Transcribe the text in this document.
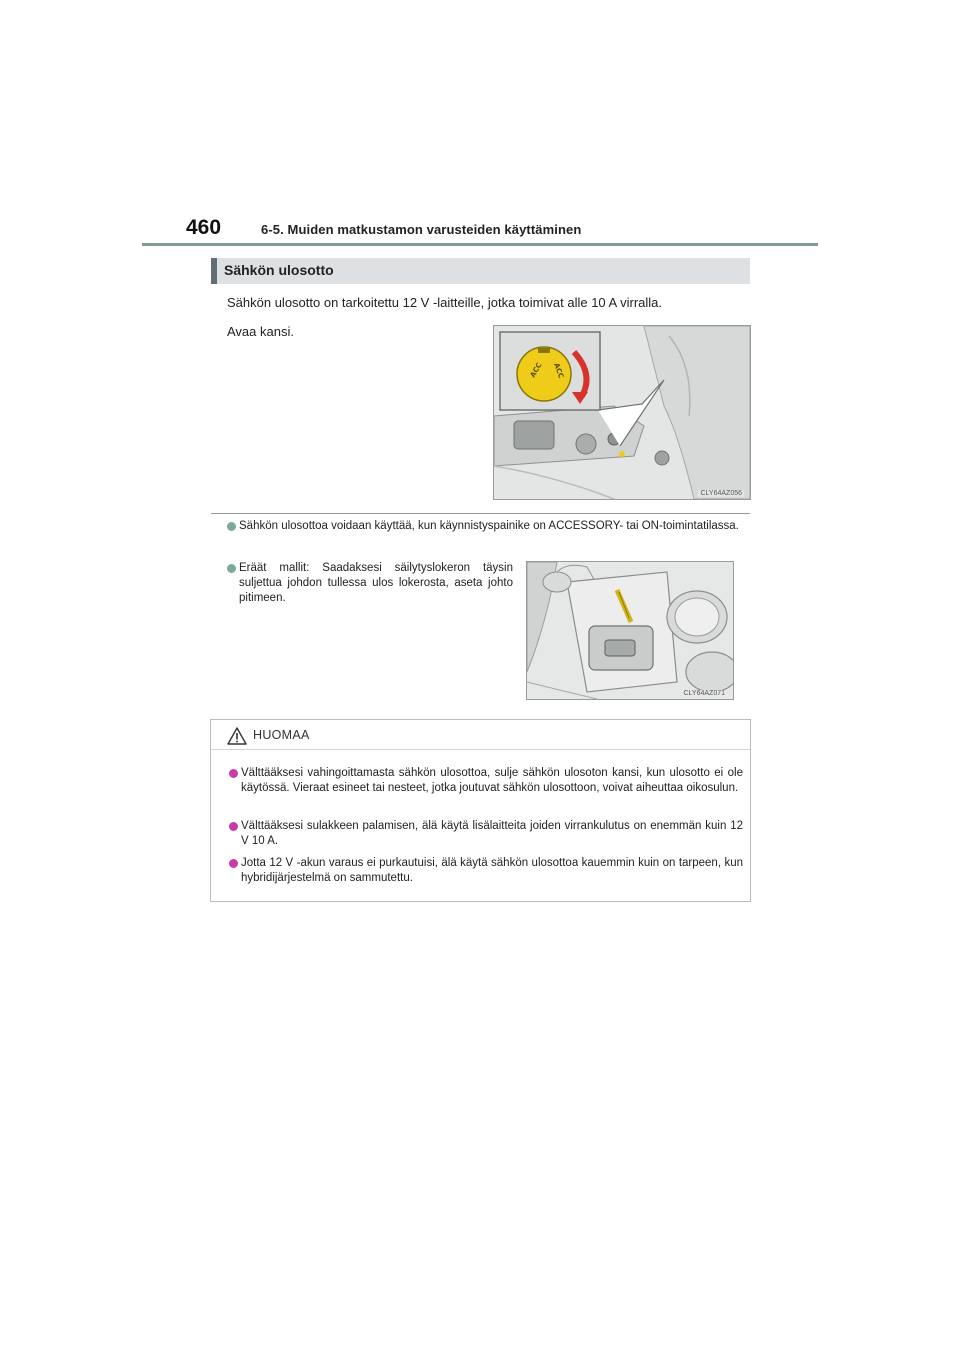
460	6-5. Muiden matkustamon varusteiden käyttäminen
Sähkön ulosotto
Sähkön ulosotto on tarkoitettu 12 V -laitteille, jotka toimivat alle 10 A virralla.
Avaa kansi.
ACC ACC
CLY64AZ056
Sähkön ulosottoa voidaan käyttää, kun käynnistyspainike on ACCESSORY- tai ON-toimintatilassa.
Eräät mallit: Saadaksesi säilytyslokeron täysin suljettua johdon tullessa ulos lokerosta, aseta johto pitimeen.
CLY64AZ071
HUOMAA
Välttääksesi vahingoittamasta sähkön ulosottoa, sulje sähkön ulosoton kansi, kun ulosotto ei ole käytössä. Vieraat esineet tai nesteet, jotka joutuvat sähkön ulosottoon, voivat aiheuttaa oikosulun.
Välttääksesi sulakkeen palamisen, älä käytä lisälaitteita joiden virrankulutus on enemmän kuin 12 V 10 A.
Jotta 12 V -akun varaus ei purkautuisi, älä käytä sähkön ulosottoa kauemmin kuin on tarpeen, kun hybridijärjestelmä on sammutettu.
